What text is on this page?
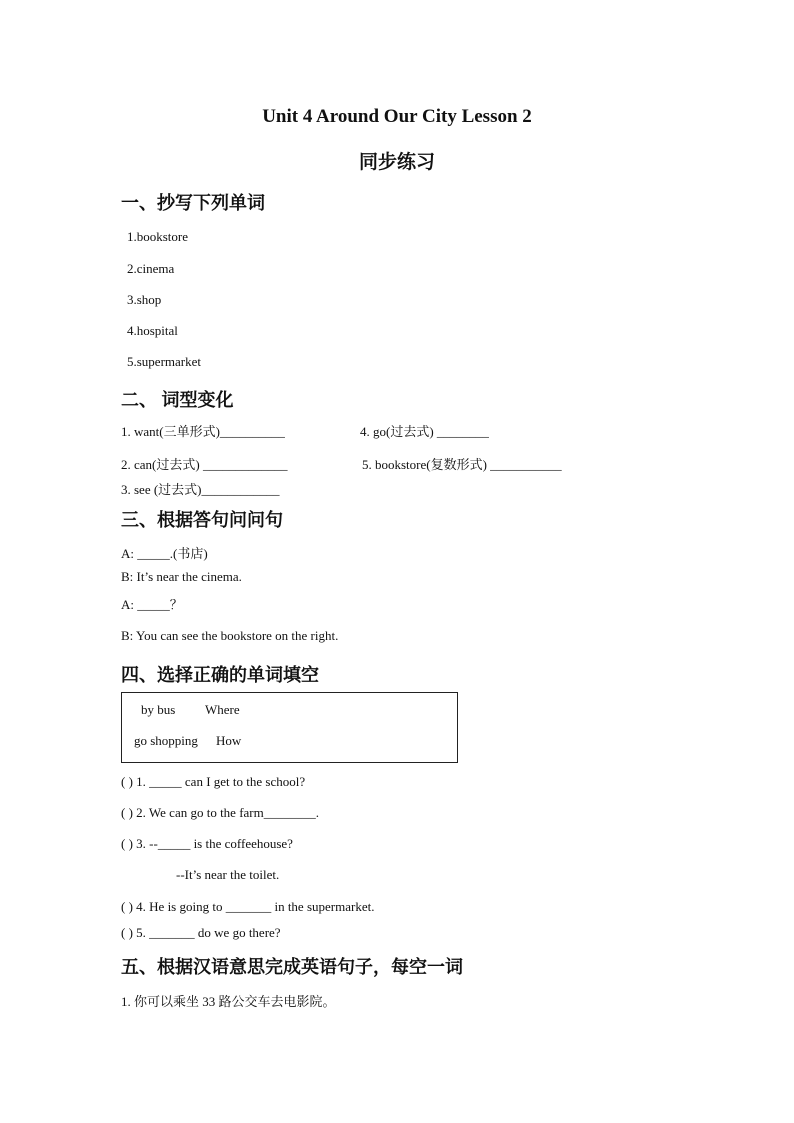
Unit 4 Around Our City Lesson 2
同步练习
一、抄写下列单词
1.bookstore
2.cinema
3.shop
4.hospital
5.supermarket
二、 词型变化
1. want(三单形式)__________	4. go(过去式) ________
2. can(过去式) _____________	5. bookstore(复数形式) ___________
3. see (过去式)____________
三、根据答句问问句
A: _____.(书店)
B: It’s near the cinema.
A: _____？
B: You can see the bookstore on the right.
四、选择正确的单词填空
by bus Where
go shopping How
( ) 1. _____ can I get to the school?
( ) 2. We can go to the farm________.
( ) 3. --_____ is the coffeehouse?
--It’s near the toilet.
( ) 4. He is going to _______ in the supermarket.
( ) 5. _______ do we go there?
五、根据汉语意思完成英语句子，每空一词
1. 你可以乘坐 33 路公交车去电影院。
